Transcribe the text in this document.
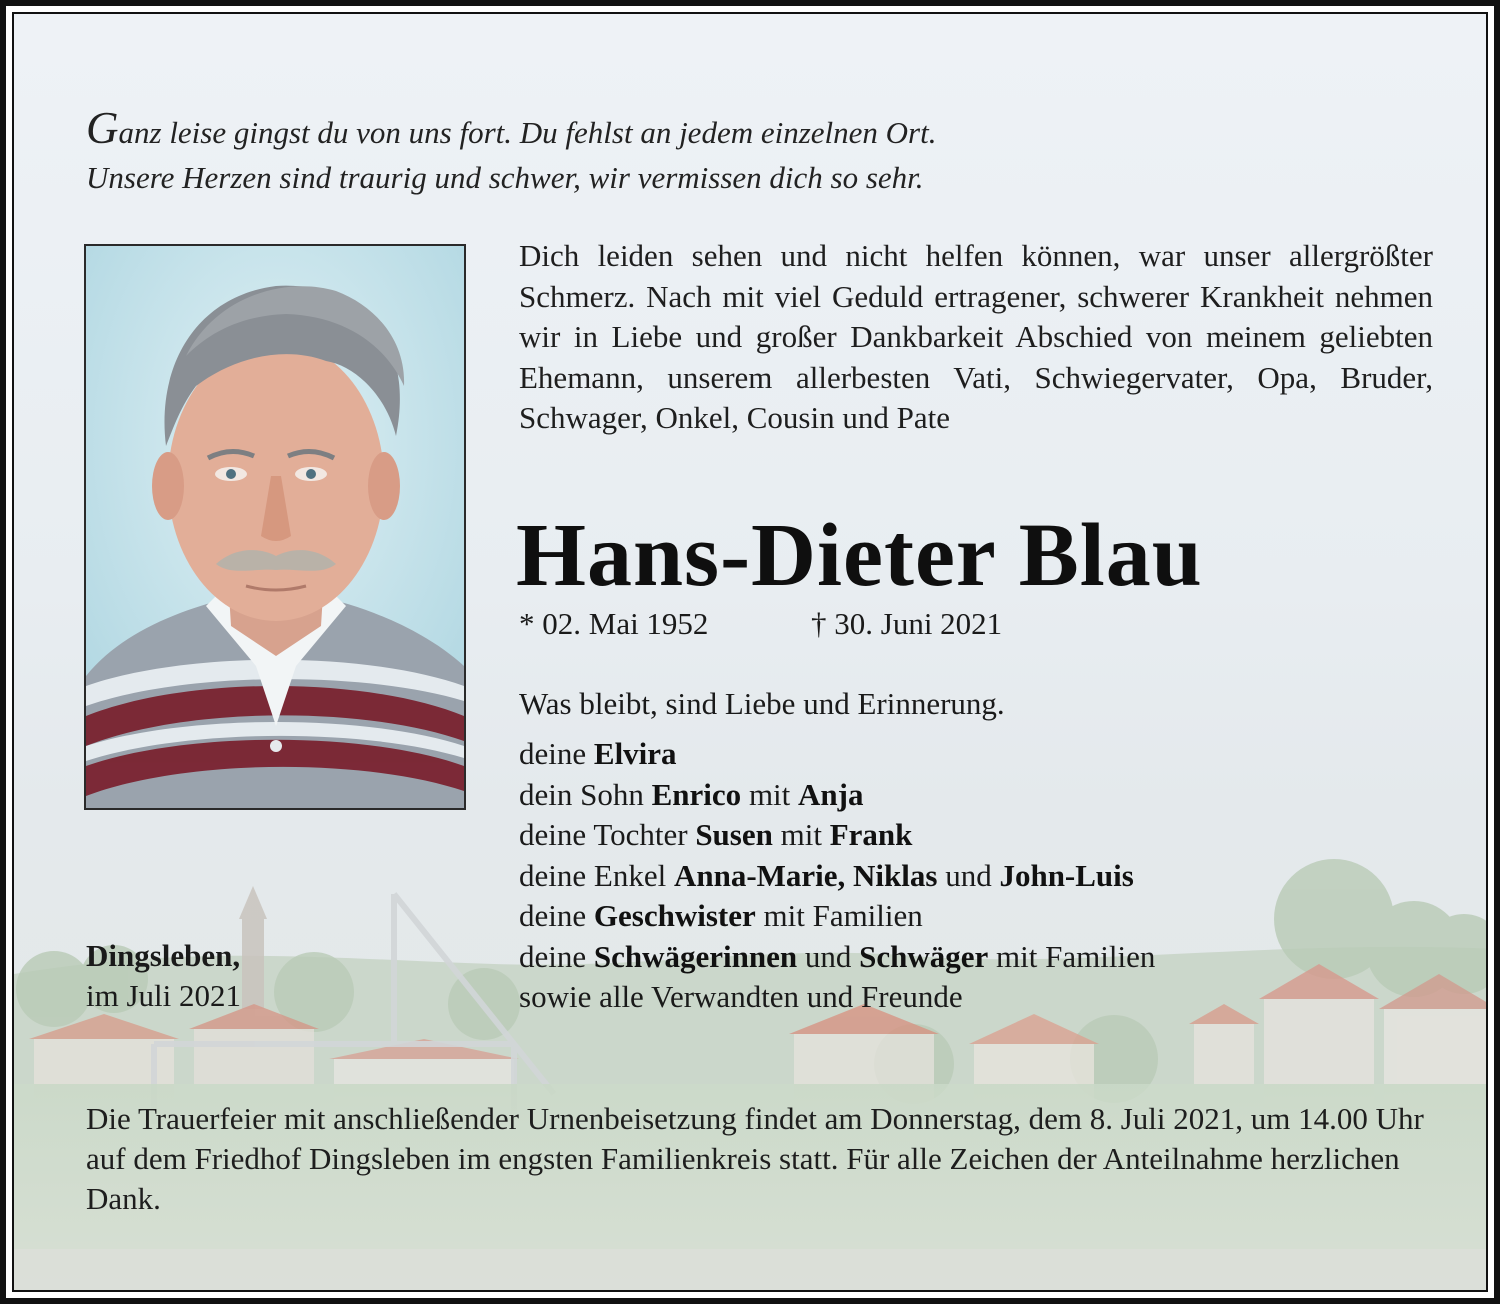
Ganz leise gingst du von uns fort. Du fehlst an jedem einzelnen Ort.
Unsere Herzen sind traurig und schwer, wir vermissen dich so sehr.
Dich leiden sehen und nicht helfen können, war unser allergrößter Schmerz. Nach mit viel Geduld ertragener, schwerer Krankheit nehmen wir in Liebe und großer Dankbarkeit Abschied von meinem geliebten Ehemann, unserem allerbesten Vati, Schwiegervater, Opa, Bruder, Schwager, Onkel, Cousin und Pate
Hans-Dieter Blau
* 02. Mai 1952	† 30. Juni 2021
Was bleibt, sind Liebe und Erinnerung.
deine Elvira
dein Sohn Enrico mit Anja
deine Tochter Susen mit Frank
deine Enkel Anna-Marie, Niklas und John-Luis
deine Geschwister mit Familien
deine Schwägerinnen und Schwäger mit Familien
sowie alle Verwandten und Freunde
Dingsleben,
im Juli 2021
Die Trauerfeier mit anschließender Urnenbeisetzung findet am Donnerstag, dem 8. Juli 2021, um 14.00 Uhr auf dem Friedhof Dingsleben im engsten Familienkreis statt. Für alle Zeichen der Anteilnahme herzlichen Dank.
